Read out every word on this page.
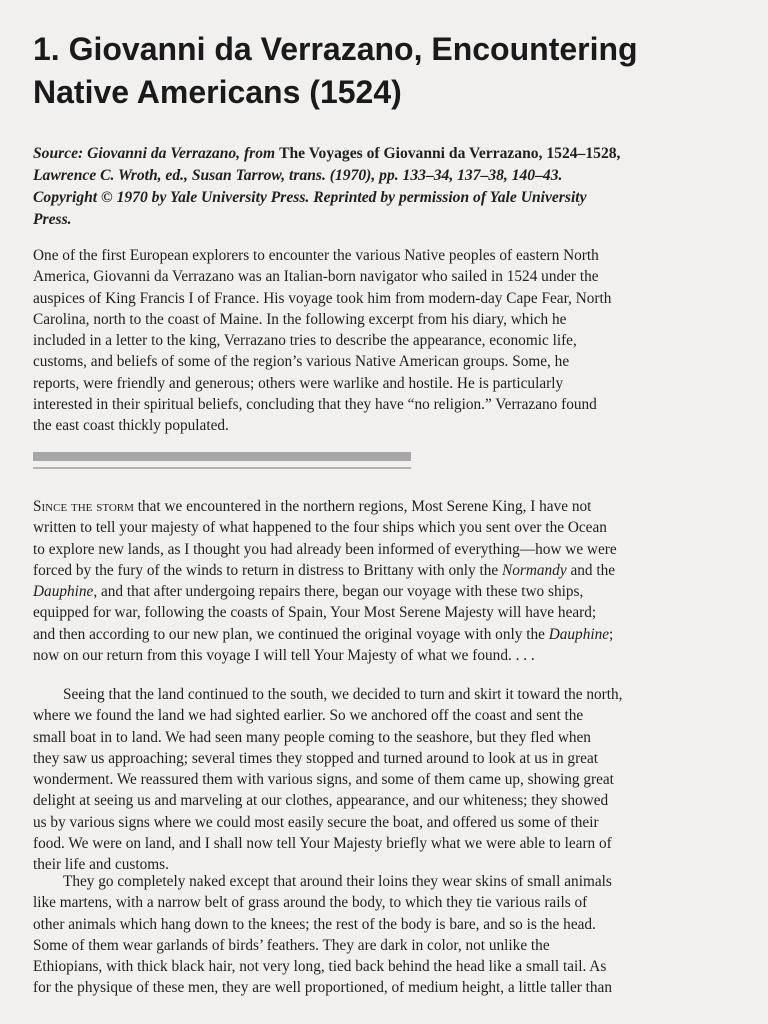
1. Giovanni da Verrazano, Encountering
Native Americans (1524)
Source: Giovanni da Verrazano, from The Voyages of Giovanni da Verrazano, 1524–1528,
Lawrence C. Wroth, ed., Susan Tarrow, trans. (1970), pp. 133–34, 137–38, 140–43.
Copyright © 1970 by Yale University Press. Reprinted by permission of Yale University
Press.
One of the first European explorers to encounter the various Native peoples of eastern North
America, Giovanni da Verrazano was an Italian-born navigator who sailed in 1524 under the
auspices of King Francis I of France. His voyage took him from modern-day Cape Fear, North
Carolina, north to the coast of Maine. In the following excerpt from his diary, which he
included in a letter to the king, Verrazano tries to describe the appearance, economic life,
customs, and beliefs of some of the region’s various Native American groups. Some, he
reports, were friendly and generous; others were warlike and hostile. He is particularly
interested in their spiritual beliefs, concluding that they have “no religion.” Verrazano found
the east coast thickly populated.
Since the storm that we encountered in the northern regions, Most Serene King, I have not
written to tell your majesty of what happened to the four ships which you sent over the Ocean
to explore new lands, as I thought you had already been informed of everything—how we were
forced by the fury of the winds to return in distress to Brittany with only the Normandy and the
Dauphine, and that after undergoing repairs there, began our voyage with these two ships,
equipped for war, following the coasts of Spain, Your Most Serene Majesty will have heard;
and then according to our new plan, we continued the original voyage with only the Dauphine;
now on our return from this voyage I will tell Your Majesty of what we found. . . .
Seeing that the land continued to the south, we decided to turn and skirt it toward the north,
where we found the land we had sighted earlier. So we anchored off the coast and sent the
small boat in to land. We had seen many people coming to the seashore, but they fled when
they saw us approaching; several times they stopped and turned around to look at us in great
wonderment. We reassured them with various signs, and some of them came up, showing great
delight at seeing us and marveling at our clothes, appearance, and our whiteness; they showed
us by various signs where we could most easily secure the boat, and offered us some of their
food. We were on land, and I shall now tell Your Majesty briefly what we were able to learn of
their life and customs.
They go completely naked except that around their loins they wear skins of small animals
like martens, with a narrow belt of grass around the body, to which they tie various rails of
other animals which hang down to the knees; the rest of the body is bare, and so is the head.
Some of them wear garlands of birds’ feathers. They are dark in color, not unlike the
Ethiopians, with thick black hair, not very long, tied back behind the head like a small tail. As
for the physique of these men, they are well proportioned, of medium height, a little taller than
